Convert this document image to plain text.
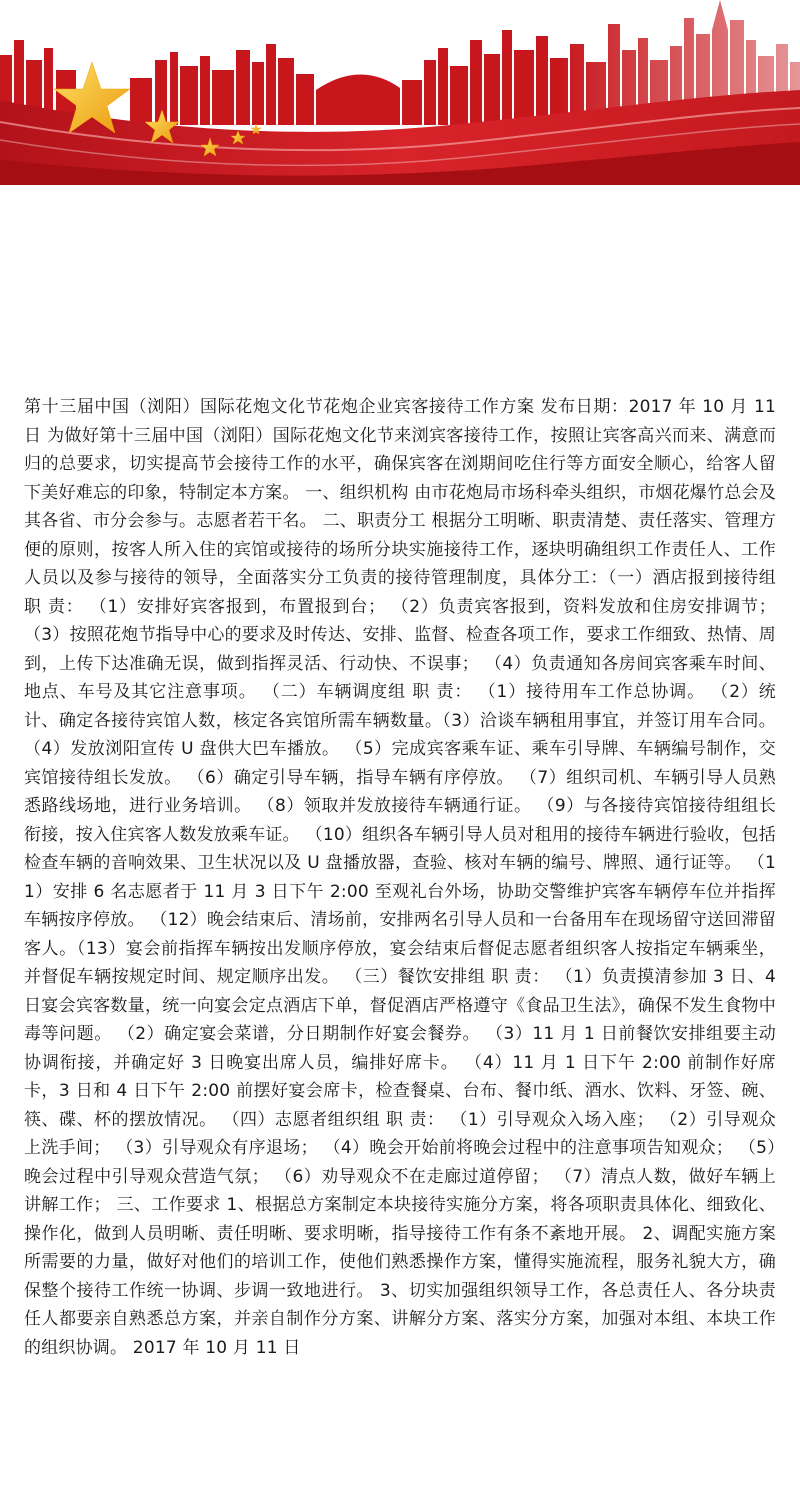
第十三届中国（浏阳）国际花炮文化节花炮企业宾客接待工作方案 发布日期：2017 年 10 月 11 日 为做好第十三届中国（浏阳）国际花炮文化节来浏宾客接待工作，按照让宾客高兴而来、满意而归的总要求，切实提高节会接待工作的水平，确保宾客在浏期间吃住行等方面安全顺心，给客人留下美好难忘的印象，特制定本方案。 一、组织机构 由市花炮局市场科牵头组织，市烟花爆竹总会及其各省、市分会参与。志愿者若干名。 二、职责分工 根据分工明晰、职责清楚、责任落实、管理方便的原则，按客人所入住的宾馆或接待的场所分块实施接待工作，逐块明确组织工作责任人、工作人员以及参与接待的领导，全面落实分工负责的接待管理制度，具体分工：（一）酒店报到接待组 职 责： （1）安排好宾客报到，布置报到台； （2）负责宾客报到，资料发放和住房安排调节； （3）按照花炮节指导中心的要求及时传达、安排、监督、检查各项工作，要求工作细致、热情、周到，上传下达准确无误，做到指挥灵活、行动快、不误事； （4）负责通知各房间宾客乘车时间、地点、车号及其它注意事项。 （二）车辆调度组 职 责： （1）接待用车工作总协调。 （2）统计、确定各接待宾馆人数，核定各宾馆所需车辆数量。（3）洽谈车辆租用事宜，并签订用车合同。（4）发放浏阳宣传 U 盘供大巴车播放。 （5）完成宾客乘车证、乘车引导牌、车辆编号制作，交宾馆接待组长发放。 （6）确定引导车辆，指导车辆有序停放。 （7）组织司机、车辆引导人员熟悉路线场地，进行业务培训。 （8）领取并发放接待车辆通行证。 （9）与各接待宾馆接待组组长衔接，按入住宾客人数发放乘车证。 （10）组织各车辆引导人员对租用的接待车辆进行验收，包括检查车辆的音响效果、卫生状况以及 U 盘播放器，查验、核对车辆的编号、牌照、通行证等。 （11）安排 6 名志愿者于 11 月 3 日下午 2:00 至观礼台外场，协助交警维护宾客车辆停车位并指挥车辆按序停放。 （12）晚会结束后、清场前，安排两名引导人员和一台备用车在现场留守送回滞留客人。（13）宴会前指挥车辆按出发顺序停放，宴会结束后督促志愿者组织客人按指定车辆乘坐，并督促车辆按规定时间、规定顺序出发。 （三）餐饮安排组 职 责： （1）负责摸清参加 3 日、4 日宴会宾客数量，统一向宴会定点酒店下单，督促酒店严格遵守《食品卫生法》，确保不发生食物中毒等问题。 （2）确定宴会菜谱，分日期制作好宴会餐券。 （3）11 月 1 日前餐饮安排组要主动协调衔接，并确定好 3 日晚宴出席人员，编排好席卡。 （4）11 月 1 日下午 2:00 前制作好席卡，3 日和 4 日下午 2:00 前摆好宴会席卡，检查餐桌、台布、餐巾纸、酒水、饮料、牙签、碗、筷、碟、杯的摆放情况。 （四）志愿者组织组 职 责： （1）引导观众入场入座； （2）引导观众上洗手间； （3）引导观众有序退场； （4）晚会开始前将晚会过程中的注意事项告知观众； （5）晚会过程中引导观众营造气氛； （6）劝导观众不在走廊过道停留； （7）清点人数，做好车辆上讲解工作； 三、工作要求 1、根据总方案制定本块接待实施分方案，将各项职责具体化、细致化、操作化，做到人员明晰、责任明晰、要求明晰，指导接待工作有条不紊地开展。 2、调配实施方案所需要的力量，做好对他们的培训工作，使他们熟悉操作方案，懂得实施流程，服务礼貌大方，确保整个接待工作统一协调、步调一致地进行。 3、切实加强组织领导工作，各总责任人、各分块责任人都要亲自熟悉总方案，并亲自制作分方案、讲解分方案、落实分方案，加强对本组、本块工作的组织协调。 2017 年 10 月 11 日
